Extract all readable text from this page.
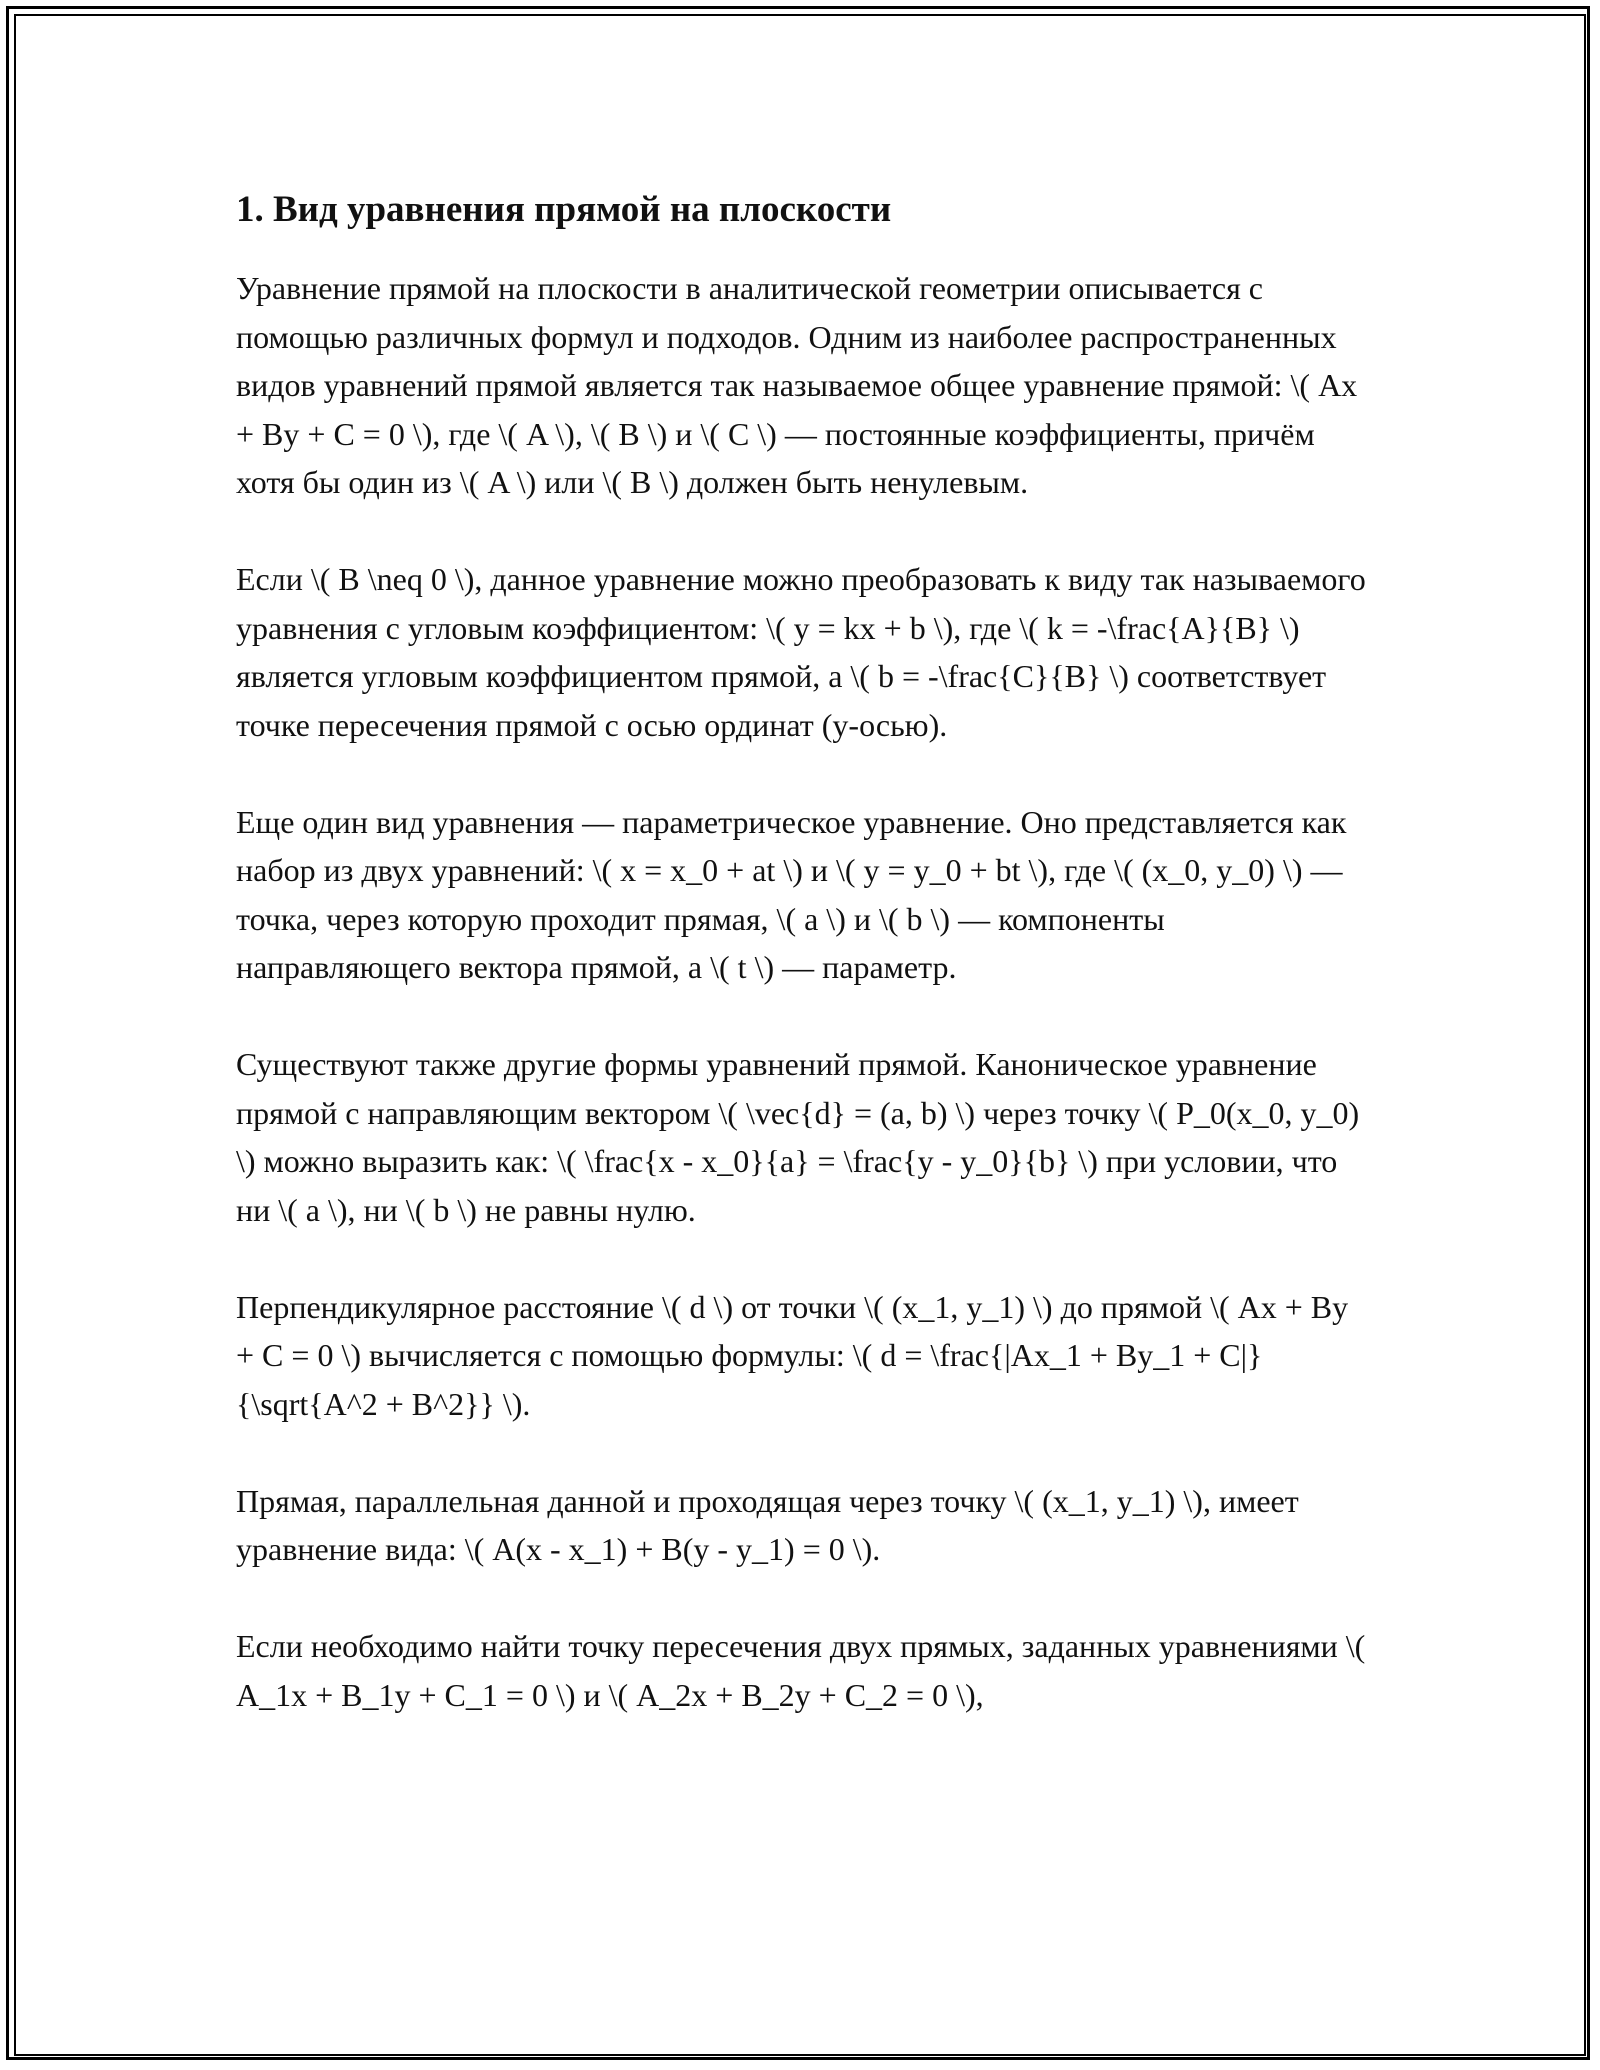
1. Вид уравнения прямой на плоскости

Уравнение прямой на плоскости в аналитической геометрии описывается с помощью различных формул и подходов. Одним из наиболее распространенных видов уравнений прямой является так называемое общее уравнение прямой: \( Ax + By + C = 0 \), где \( A \), \( B \) и \( C \) — постоянные коэффициенты, причём хотя бы один из \( A \) или \( B \) должен быть ненулевым.

Если \( B \neq 0 \), данное уравнение можно преобразовать к виду так называемого уравнения с угловым коэффициентом: \( y = kx + b \), где \( k = -\frac{A}{B} \) является угловым коэффициентом прямой, а \( b = -\frac{C}{B} \) соответствует точке пересечения прямой с осью ординат (y-осью).

Еще один вид уравнения — параметрическое уравнение. Оно представляется как набор из двух уравнений: \( x = x_0 + at \) и \( y = y_0 + bt \), где \( (x_0, y_0) \) — точка, через которую проходит прямая, \( a \) и \( b \) — компоненты направляющего вектора прямой, а \( t \) — параметр.

Существуют также другие формы уравнений прямой. Каноническое уравнение прямой с направляющим вектором \( \vec{d} = (a, b) \) через точку \( P_0(x_0, y_0) \) можно выразить как: \( \frac{x - x_0}{a} = \frac{y - y_0}{b} \) при условии, что ни \( a \), ни \( b \) не равны нулю.

Перпендикулярное расстояние \( d \) от точки \( (x_1, y_1) \) до прямой \( Ax + By + C = 0 \) вычисляется с помощью формулы: \( d = \frac{|Ax_1 + By_1 + C|}{\sqrt{A^2 + B^2}} \).

Прямая, параллельная данной и проходящая через точку \( (x_1, y_1) \), имеет уравнение вида: \( A(x - x_1) + B(y - y_1) = 0 \).

Если необходимо найти точку пересечения двух прямых, заданных уравнениями \( A_1x + B_1y + C_1 = 0 \) и \( A_2x + B_2y + C_2 = 0 \),
